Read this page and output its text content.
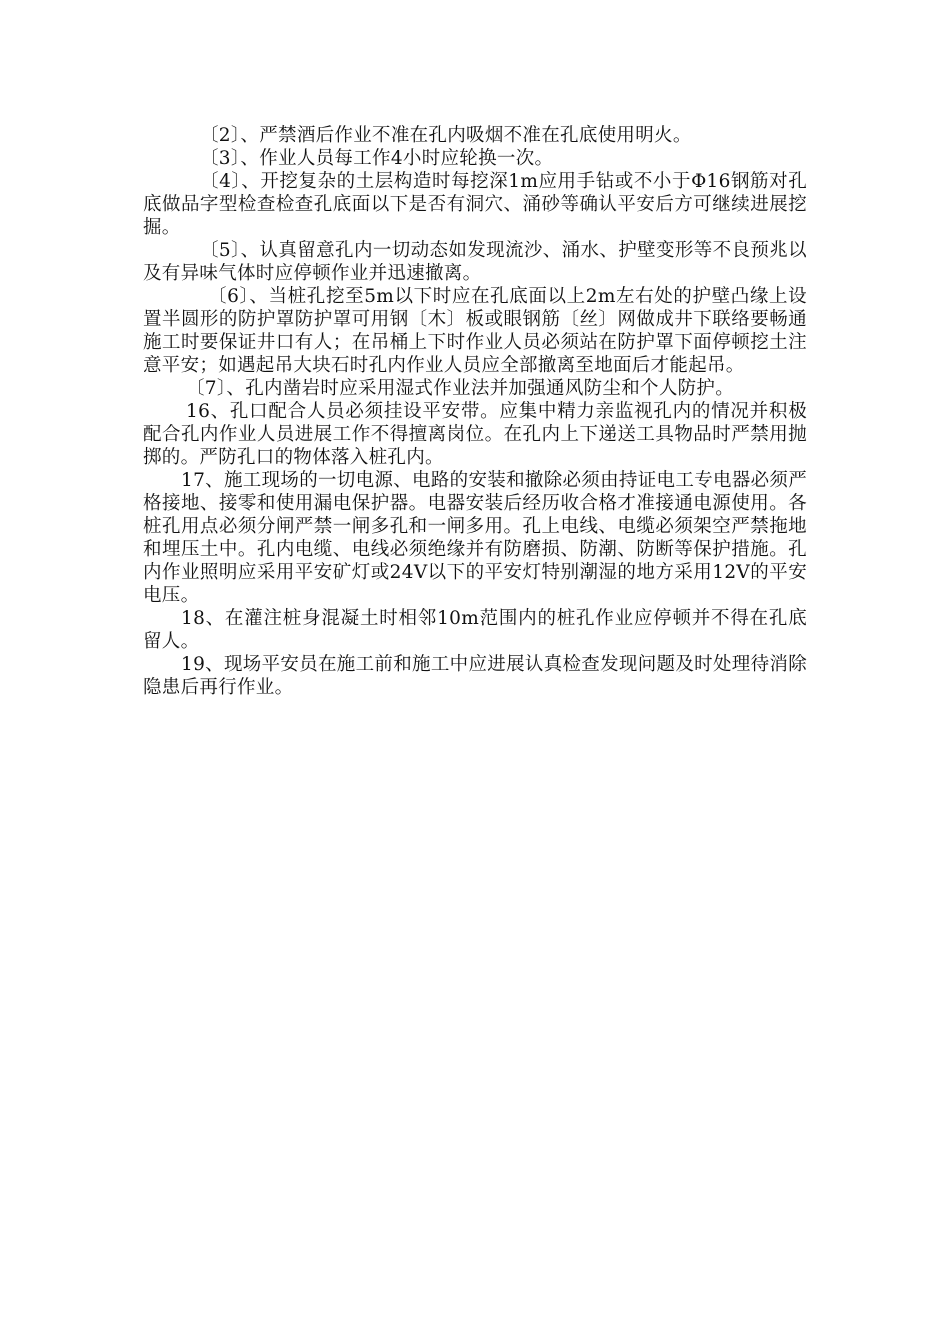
〔2〕、严禁酒后作业不准在孔内吸烟不准在孔底使用明火。

〔3〕、作业人员每工作4小时应轮换一次。

〔4〕、开挖复杂的土层构造时每挖深1m应用手钻或不小于Φ16钢筋对孔底做品字型检查检查孔底面以下是否有洞穴、涌砂等确认平安后方可继续进展挖掘。

〔5〕、认真留意孔内一切动态如发现流沙、涌水、护壁变形等不良预兆以及有异味气体时应停顿作业并迅速撤离。

〔6〕、当桩孔挖至5m以下时应在孔底面以上2m左右处的护壁凸缘上设置半圆形的防护罩防护罩可用钢〔木〕板或眼钢筋〔丝〕网做成井下联络要畅通施工时要保证井口有人；在吊桶上下时作业人员必须站在防护罩下面停顿挖土注意平安；如遇起吊大块石时孔内作业人员应全部撤离至地面后才能起吊。

〔7〕、孔内凿岩时应采用湿式作业法并加强通风防尘和个人防护。

16、孔口配合人员必须挂设平安带。应集中精力亲监视孔内的情况并积极配合孔内作业人员进展工作不得擅离岗位。在孔内上下递送工具物品时严禁用抛掷的。严防孔口的物体落入桩孔内。

17、施工现场的一切电源、电路的安装和撤除必须由持证电工专电器必须严格接地、接零和使用漏电保护器。电器安装后经历收合格才准接通电源使用。各桩孔用点必须分闸严禁一闸多孔和一闸多用。孔上电线、电缆必须架空严禁拖地和埋压土中。孔内电缆、电线必须绝缘并有防磨损、防潮、防断等保护措施。孔内作业照明应采用平安矿灯或24V以下的平安灯特别潮湿的地方采用12V的平安电压。

18、在灌注桩身混凝土时相邻10m范围内的桩孔作业应停顿并不得在孔底留人。

19、现场平安员在施工前和施工中应进展认真检查发现问题及时处理待消除隐患后再行作业。
